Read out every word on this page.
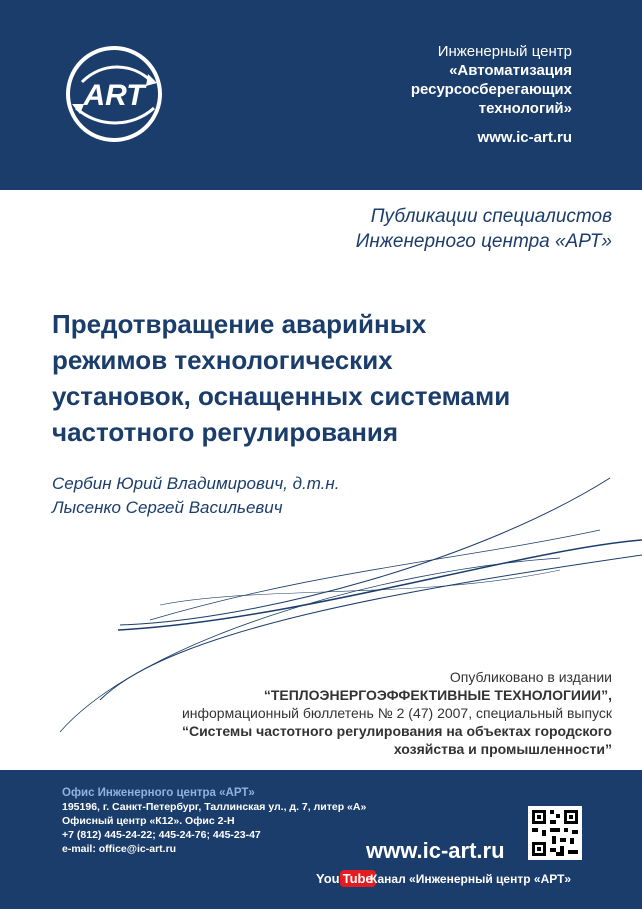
ART
Инженерный центр
«Автоматизация
ресурсосберегающих
технологий»
www.ic-art.ru
Публикации специалистов
Инженерного центра «АРТ»
Предотвращение аварийных
режимов технологических
установок, оснащенных системами
частотного регулирования
Сербин Юрий Владимирович, д.т.н.
Лысенко Сергей Васильевич
Опубликовано в издании
“ТЕПЛОЭНЕРГОЭФФЕКТИВНЫЕ ТЕХНОЛОГИИИ”,
информационный бюллетень № 2 (47) 2007, специальный выпуск
“Системы частотного регулирования на объектах городского
хозяйства и промышленности”
Офис Инженерного центра «АРТ»
195196, г. Санкт-Петербург, Таллинская ул., д. 7, литер «А»
Офисный центр «К12». Офис 2-Н
+7 (812) 445-24-22; 445-24-76; 445-23-47
e-mail: office@ic-art.ru	www.ic-art.ru
You Tube
Канал «Инженерный центр «АРТ»
